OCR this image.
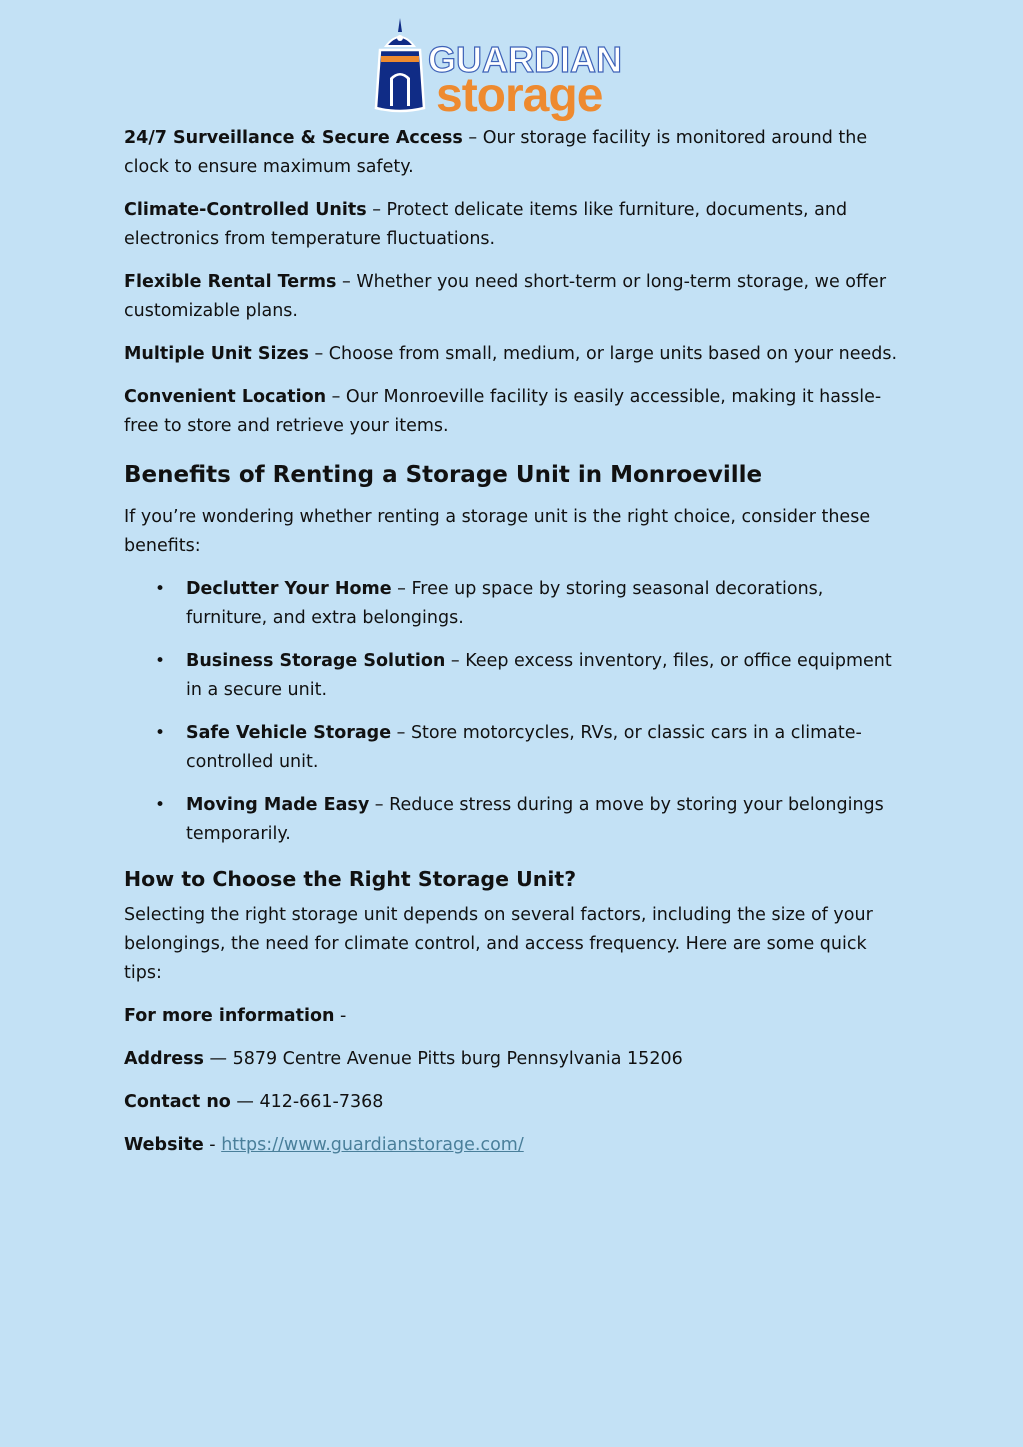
GUARDIAN
storage

24/7 Surveillance & Secure Access – Our storage facility is monitored around the clock to ensure maximum safety.

Climate-Controlled Units – Protect delicate items like furniture, documents, and electronics from temperature fluctuations.

Flexible Rental Terms – Whether you need short-term or long-term storage, we offer customizable plans.

Multiple Unit Sizes – Choose from small, medium, or large units based on your needs.

Convenient Location – Our Monroeville facility is easily accessible, making it hassle-free to store and retrieve your items.

Benefits of Renting a Storage Unit in Monroeville

If you’re wondering whether renting a storage unit is the right choice, consider these benefits:

• Declutter Your Home – Free up space by storing seasonal decorations, furniture, and extra belongings.
• Business Storage Solution – Keep excess inventory, files, or office equipment in a secure unit.
• Safe Vehicle Storage – Store motorcycles, RVs, or classic cars in a climate-controlled unit.
• Moving Made Easy – Reduce stress during a move by storing your belongings temporarily.
How to Choose the Right Storage Unit?

Selecting the right storage unit depends on several factors, including the size of your belongings, the need for climate control, and access frequency. Here are some quick tips:

For more information -

Address — 5879 Centre Avenue Pitts burg Pennsylvania 15206

Contact no — 412-661-7368

Website - https://www.guardianstorage.com/
